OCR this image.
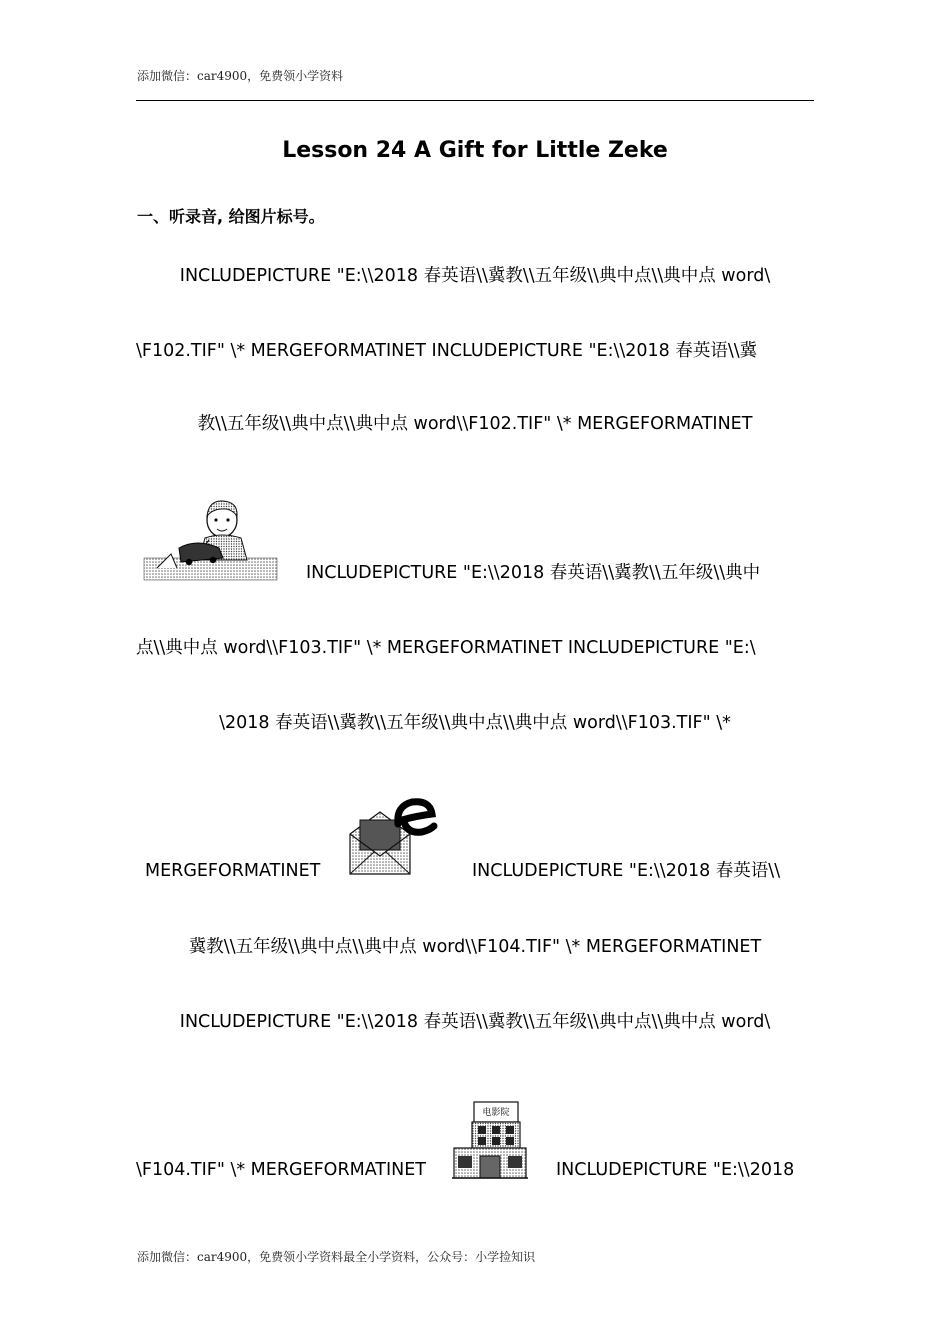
添加微信：car4900，免费领小学资料
Lesson 24 A Gift for Little Zeke
一、听录音, 给图片标号。
INCLUDEPICTURE "E:\\2018 春英语\\冀教\\五年级\\典中点\\典中点 word\
\F102.TIF" \* MERGEFORMATINET INCLUDEPICTURE "E:\\2018 春英语\\冀
教\\五年级\\典中点\\典中点 word\\F102.TIF" \* MERGEFORMATINET
INCLUDEPICTURE "E:\\2018 春英语\\冀教\\五年级\\典中
点\\典中点 word\\F103.TIF" \* MERGEFORMATINET INCLUDEPICTURE "E:\
\2018 春英语\\冀教\\五年级\\典中点\\典中点 word\\F103.TIF" \*
MERGEFORMATINET	INCLUDEPICTURE "E:\\2018 春英语\\
冀教\\五年级\\典中点\\典中点 word\\F104.TIF" \* MERGEFORMATINET
INCLUDEPICTURE "E:\\2018 春英语\\冀教\\五年级\\典中点\\典中点 word\
\F104.TIF" \* MERGEFORMATINET
电影院
INCLUDEPICTURE "E:\\2018
添加微信：car4900，免费领小学资料最全小学资料，公众号：小学捡知识
